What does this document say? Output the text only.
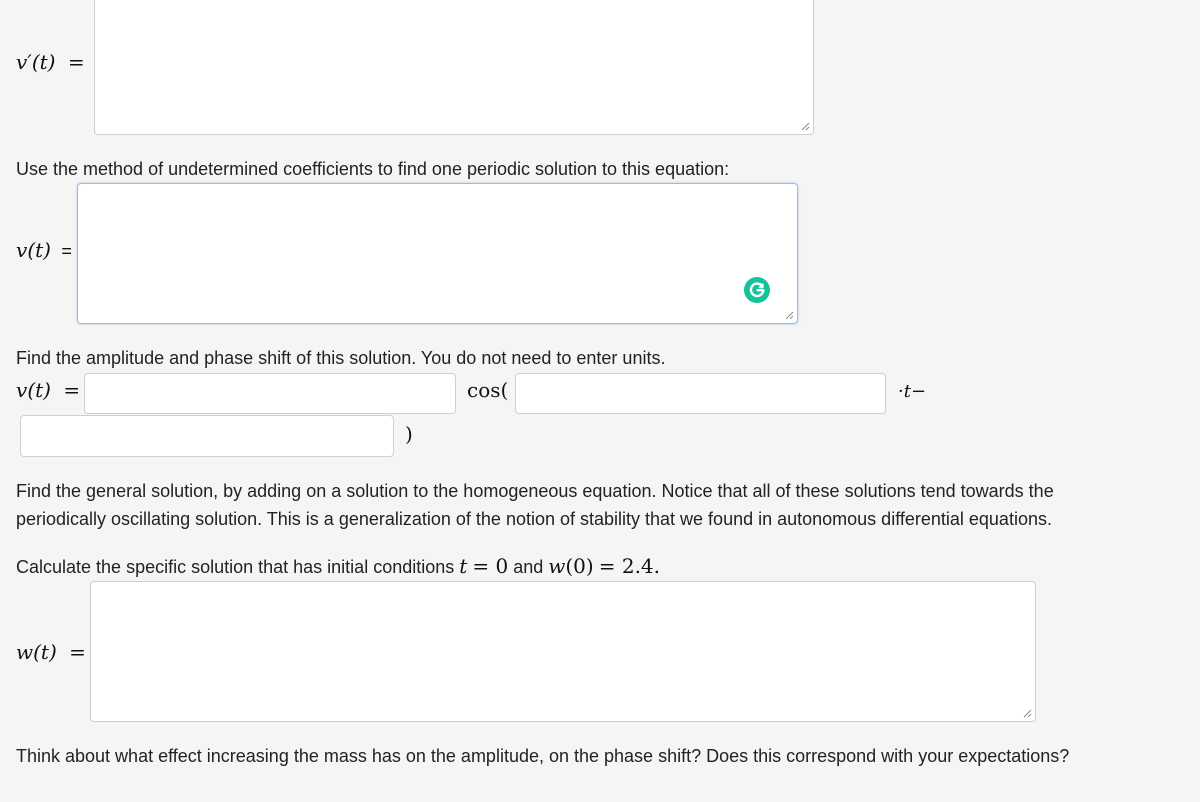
v′(t) =
Use the method of undetermined coefficients to find one periodic solution to this equation:
v(t) =
Find the amplitude and phase shift of this solution. You do not need to enter units.
v(t) =	cos(	·t−
)
Find the general solution, by adding on a solution to the homogeneous equation. Notice that all of these solutions tend towards the
periodically oscillating solution. This is a generalization of the notion of stability that we found in autonomous differential equations.
Calculate the specific solution that has initial conditions t = 0 and w(0) = 2.4.
w(t) =
Think about what effect increasing the mass has on the amplitude, on the phase shift? Does this correspond with your expectations?
